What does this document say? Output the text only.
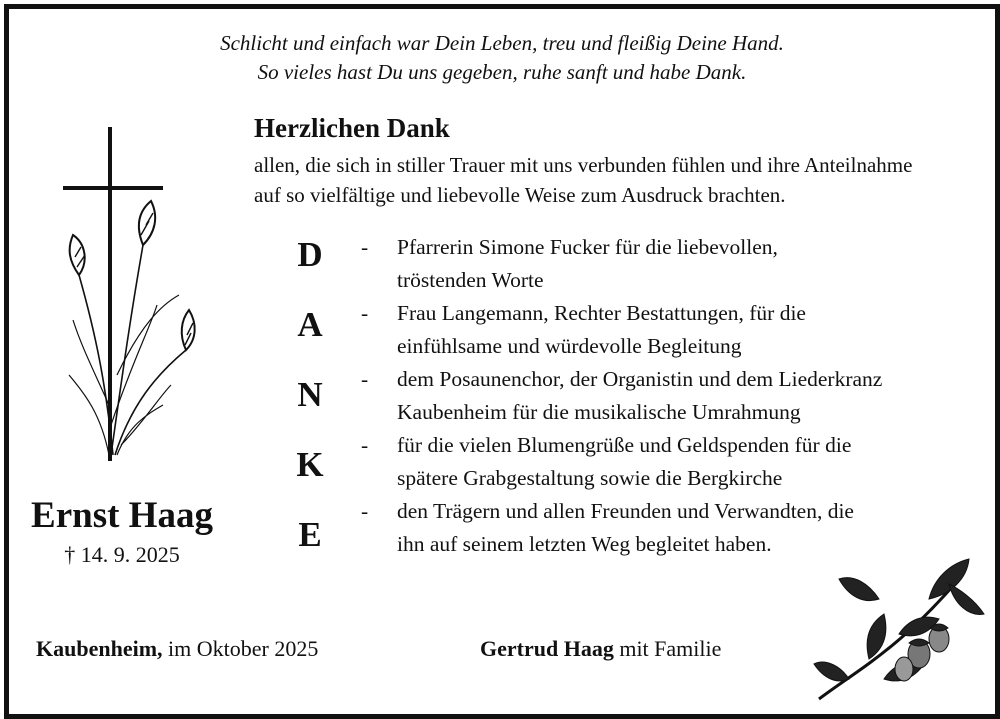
Schlicht und einfach war Dein Leben, treu und fleißig Deine Hand.
So vieles hast Du uns gegeben, ruhe sanft und habe Dank.
Ernst Haag
† 14. 9. 2025
Herzlichen Dank
allen, die sich in stiller Trauer mit uns verbunden fühlen und ihre Anteilnahme
auf so vielfältige und liebevolle Weise zum Ausdruck brachten.
D
A
N
K
E
- Pfarrerin Simone Fucker für die liebevollen,
tröstenden Worte
- Frau Langemann, Rechter Bestattungen, für die
einfühlsame und würdevolle Begleitung
- dem Posaunenchor, der Organistin und dem Liederkranz
Kaubenheim für die musikalische Umrahmung
- für die vielen Blumengrüße und Geldspenden für die
spätere Grabgestaltung sowie die Bergkirche
- den Trägern und allen Freunden und Verwandten, die
ihn auf seinem letzten Weg begleitet haben.
Kaubenheim, im Oktober 2025	Gertrud Haag mit Familie
